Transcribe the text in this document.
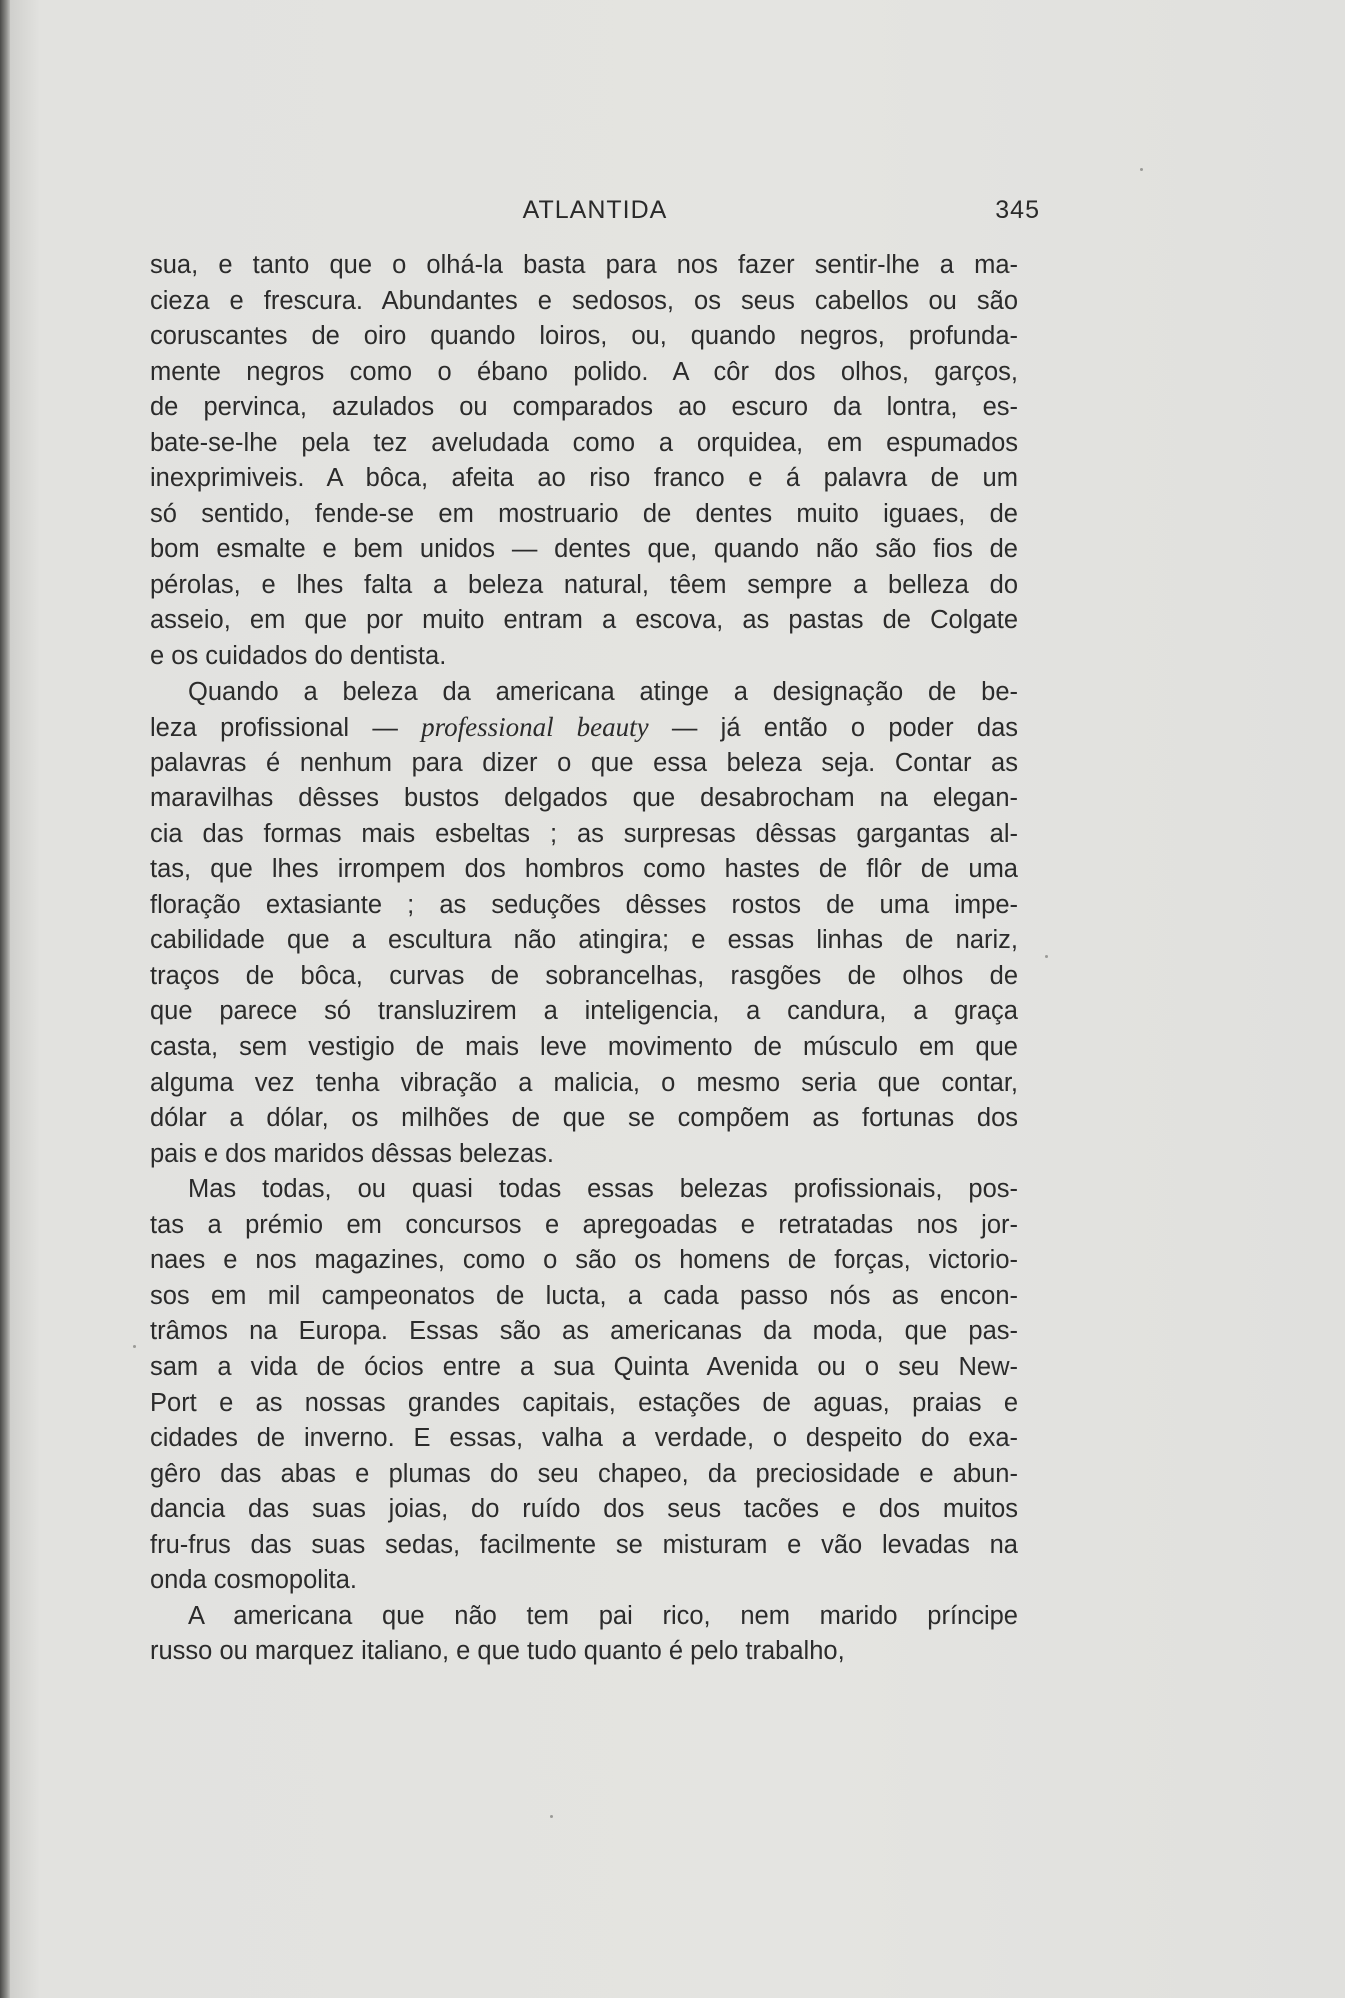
ATLANTIDA	345
sua, e tanto que o olhá-la basta para nos fazer sentir-lhe a ma-
cieza e frescura. Abundantes e sedosos, os seus cabellos ou são
coruscantes de oiro quando loiros, ou, quando negros, profunda-
mente negros como o ébano polido. A côr dos olhos, garços,
de pervinca, azulados ou comparados ao escuro da lontra, es-
bate-se-lhe pela tez aveludada como a orquidea, em espumados
inexprimiveis. A bôca, afeita ao riso franco e á palavra de um
só sentido, fende-se em mostruario de dentes muito iguaes, de
bom esmalte e bem unidos — dentes que, quando não são fios de
pérolas, e lhes falta a beleza natural, têem sempre a belleza do
asseio, em que por muito entram a escova, as pastas de Colgate
e os cuidados do dentista.
Quando a beleza da americana atinge a designação de be-
leza profissional — professional beauty — já então o poder das
palavras é nenhum para dizer o que essa beleza seja. Contar as
maravilhas dêsses bustos delgados que desabrocham na elegan-
cia das formas mais esbeltas ; as surpresas dêssas gargantas al-
tas, que lhes irrompem dos hombros como hastes de flôr de uma
floração extasiante ; as seduções dêsses rostos de uma impe-
cabilidade que a escultura não atingira; e essas linhas de nariz,
traços de bôca, curvas de sobrancelhas, rasgões de olhos de
que parece só transluzirem a inteligencia, a candura, a graça
casta, sem vestigio de mais leve movimento de músculo em que
alguma vez tenha vibração a malicia, o mesmo seria que contar,
dólar a dólar, os milhões de que se compõem as fortunas dos
pais e dos maridos dêssas belezas.
Mas todas, ou quasi todas essas belezas profissionais, pos-
tas a prémio em concursos e apregoadas e retratadas nos jor-
naes e nos magazines, como o são os homens de forças, victorio-
sos em mil campeonatos de lucta, a cada passo nós as encon-
trâmos na Europa. Essas são as americanas da moda, que pas-
sam a vida de ócios entre a sua Quinta Avenida ou o seu New-
Port e as nossas grandes capitais, estações de aguas, praias e
cidades de inverno. E essas, valha a verdade, o despeito do exa-
gêro das abas e plumas do seu chapeo, da preciosidade e abun-
dancia das suas joias, do ruído dos seus tacões e dos muitos
fru-frus das suas sedas, facilmente se misturam e vão levadas na
onda cosmopolita.
A americana que não tem pai rico, nem marido príncipe
russo ou marquez italiano, e que tudo quanto é pelo trabalho,
